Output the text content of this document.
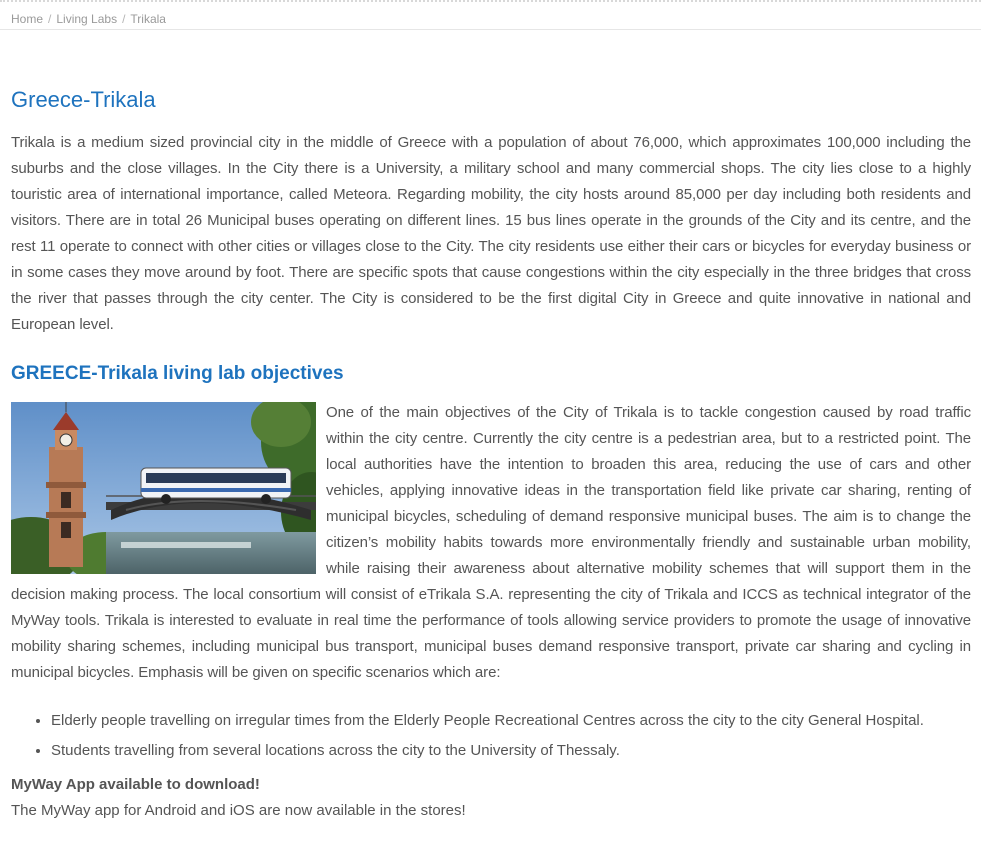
Home / Living Labs / Trikala
Greece-Trikala

Trikala is a medium sized provincial city in the middle of Greece with a population of about 76,000, which approximates 100,000 including the suburbs and the close villages. In the City there is a University, a military school and many commercial shops. The city lies close to a highly touristic area of international importance, called Meteora. Regarding mobility, the city hosts around 85,000 per day including both residents and visitors. There are in total 26 Municipal buses operating on different lines. 15 bus lines operate in the grounds of the City and its centre, and the rest 11 operate to connect with other cities or villages close to the City. The city residents use either their cars or bicycles for everyday business or in some cases they move around by foot. There are specific spots that cause congestions within the city especially in the three bridges that cross the river that passes through the city center. The City is considered to be the first digital City in Greece and quite innovative in national and European level.

GREECE-Trikala living lab objectives

One of the main objectives of the City of Trikala is to tackle congestion caused by road traffic within the city centre. Currently the city centre is a pedestrian area, but to a restricted point. The local authorities have the intention to broaden this area, reducing the use of cars and other vehicles, applying innovative ideas in the transportation field like private car sharing, renting of municipal bicycles, scheduling of demand responsive municipal buses. The aim is to change the citizen’s mobility habits towards more environmentally friendly and sustainable urban mobility, while raising their awareness about alternative mobility schemes that will support them in the decision making process. The local consortium will consist of eTrikala S.A. representing the city of Trikala and ICCS as technical integrator of the MyWay tools. Trikala is interested to evaluate in real time the performance of tools allowing service providers to promote the usage of innovative mobility sharing schemes, including municipal bus transport, municipal buses demand responsive transport, private car sharing and cycling in municipal bicycles. Emphasis will be given on specific scenarios which are:

• Elderly people travelling on irregular times from the Elderly People Recreational Centres across the city to the city General Hospital.
• Students travelling from several locations across the city to the University of Thessaly.
MyWay App available to download!
The MyWay app for Android and iOS are now available in the stores!
